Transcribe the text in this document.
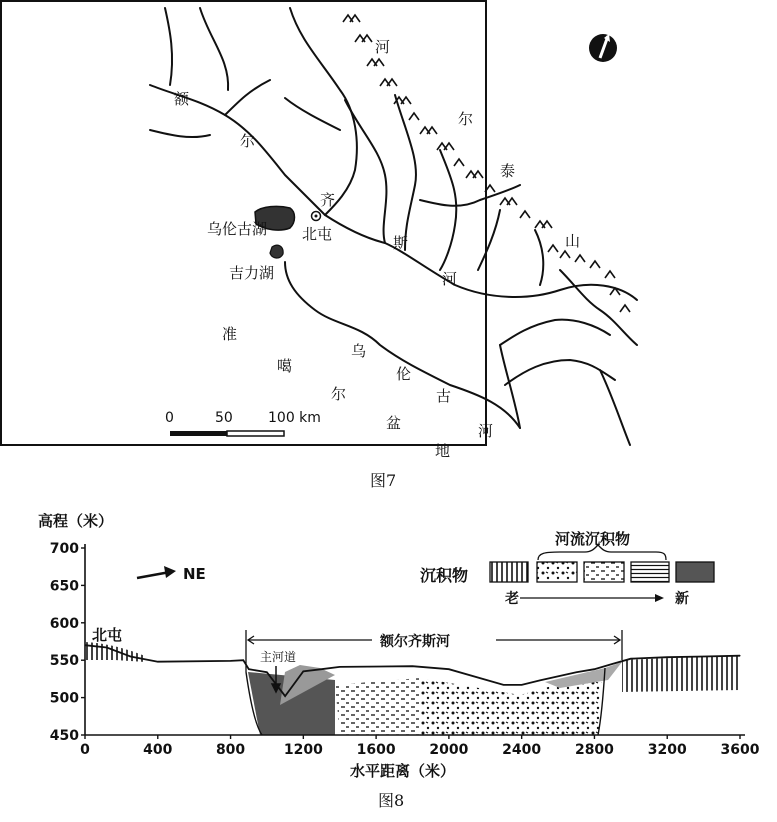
额
尔
齐
斯
河
河
尔
泰
山
乌伦古湖
吉力湖
北屯
准
噶
尔
盆
地
乌
伦
古
河
0	50	100 km
图7
700
650
600
550
500
450
0	400	800	1200 1600 2000 2400 2800 3200 3600
高程（米）
NE
北屯
主河道
额尔齐斯河
沉积物
河流沉积物
老	新
水平距离（米）
图8
